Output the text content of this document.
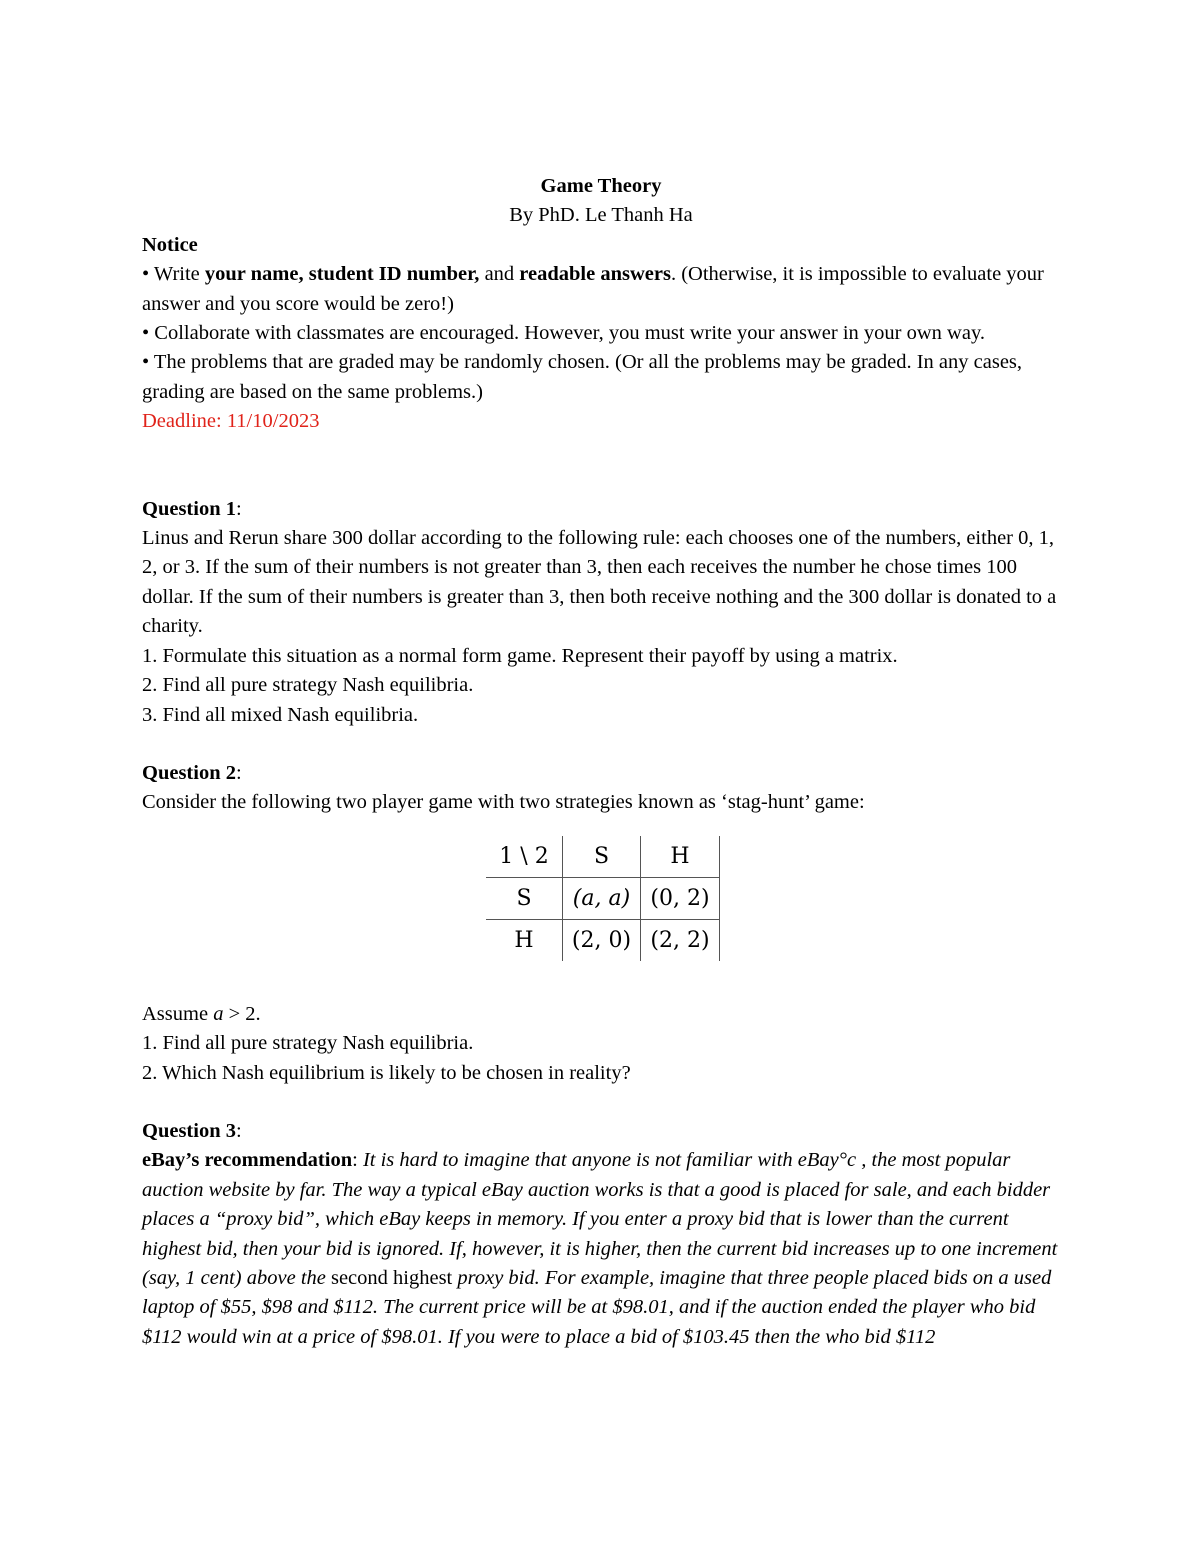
Game Theory

By PhD. Le Thanh Ha

Notice

• Write your name, student ID number, and readable answers. (Otherwise, it is impossible to evaluate your answer and you score would be zero!)

• Collaborate with classmates are encouraged. However, you must write your answer in your own way.

• The problems that are graded may be randomly chosen. (Or all the problems may be graded. In any cases, grading are based on the same problems.)

Deadline: 11/10/2023

Question 1:

Linus and Rerun share 300 dollar according to the following rule: each chooses one of the numbers, either 0, 1, 2, or 3. If the sum of their numbers is not greater than 3, then each receives the number he chose times 100 dollar. If the sum of their numbers is greater than 3, then both receive nothing and the 300 dollar is donated to a charity.

1. Formulate this situation as a normal form game. Represent their payoff by using a matrix.

2. Find all pure strategy Nash equilibria.

3. Find all mixed Nash equilibria.

Question 2:

Consider the following two player game with two strategies known as ‘stag-hunt’ game:

1 \ 2	S	H
S	(a, a)	(0, 2)
H	(2, 0)	(2, 2)

Assume a > 2.

1. Find all pure strategy Nash equilibria.

2. Which Nash equilibrium is likely to be chosen in reality?

Question 3:

eBay’s recommendation: It is hard to imagine that anyone is not familiar with eBay°c , the most popular auction website by far. The way a typical eBay auction works is that a good is placed for sale, and each bidder places a “proxy bid”, which eBay keeps in memory. If you enter a proxy bid that is lower than the current highest bid, then your bid is ignored. If, however, it is higher, then the current bid increases up to one increment (say, 1 cent) above the second highest proxy bid. For example, imagine that three people placed bids on a used laptop of $55, $98 and $112. The current price will be at $98.01, and if the auction ended the player who bid $112 would win at a price of $98.01. If you were to place a bid of $103.45 then the who bid $112
